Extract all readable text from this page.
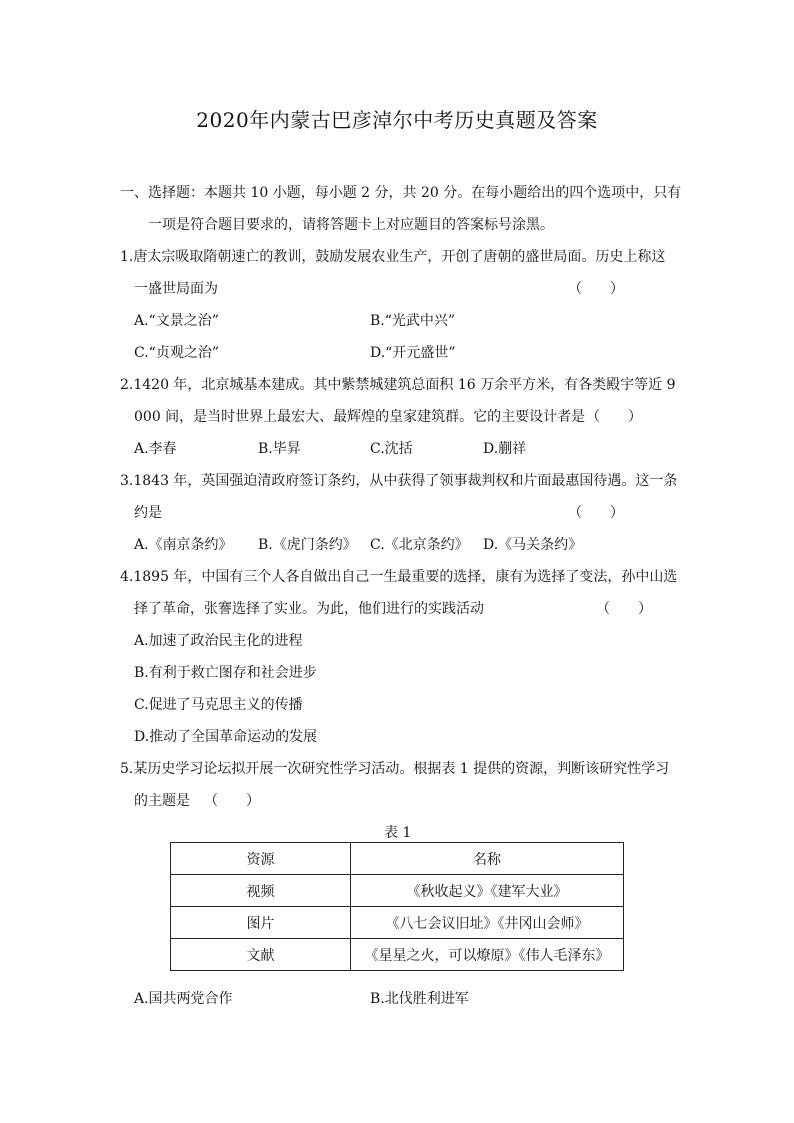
2020年内蒙古巴彦淖尔中考历史真题及答案
一、选择题：本题共 10 小题，每小题 2 分，共 20 分。在每小题给出的四个选项中，只有
一项是符合题目要求的，请将答题卡上对应题目的答案标号涂黑。
1.唐太宗吸取隋朝速亡的教训，鼓励发展农业生产，开创了唐朝的盛世局面。历史上称这
一盛世局面为	（　　）
A.“文景之治”	B.“光武中兴”
C.“贞观之治”	D.“开元盛世”
2.1420 年，北京城基本建成。其中紫禁城建筑总面积 16 万余平方米，有各类殿宇等近 9
000 间，是当时世界上最宏大、最辉煌的皇家建筑群。它的主要设计者是 （　　）
A.李春	B.毕昇	C.沈括	D.蒯祥
3.1843 年，英国强迫清政府签订条约，从中获得了领事裁判权和片面最惠国待遇。这一条
约是	（　　）
A.《南京条约》 B.《虎门条约》 C.《北京条约》 D.《马关条约》
4.1895 年，中国有三个人各自做出自己一生最重要的选择，康有为选择了变法，孙中山选
择了革命，张謇选择了实业。为此，他们进行的实践活动	（　　）
A.加速了政治民主化的进程
B.有利于救亡图存和社会进步
C.促进了马克思主义的传播
D.推动了全国革命运动的发展
5.某历史学习论坛拟开展一次研究性学习活动。根据表 1 提供的资源，判断该研究性学习
的主题是 （　　）
表 1
资源	名称
视频	《秋收起义》《建军大业》
图片	《八七会议旧址》《井冈山会师》
文献	《星星之火，可以燎原》《伟人毛泽东》
A.国共两党合作	B.北伐胜利进军
